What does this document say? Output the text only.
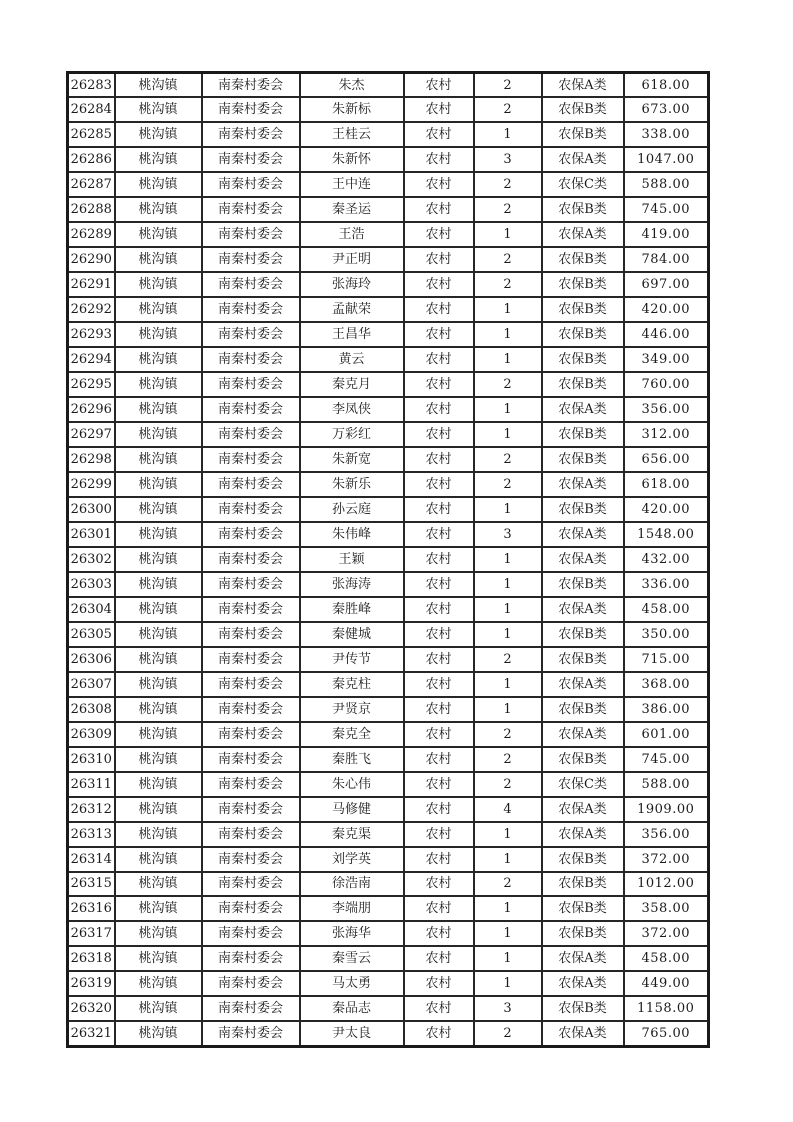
26283	桃沟镇	南秦村委会	朱杰	农村	2	农保A类	618.00
26284	桃沟镇	南秦村委会	朱新标	农村	2	农保B类	673.00
26285	桃沟镇	南秦村委会	王桂云	农村	1	农保B类	338.00
26286	桃沟镇	南秦村委会	朱新怀	农村	3	农保A类	1047.00
26287	桃沟镇	南秦村委会	王中连	农村	2	农保C类	588.00
26288	桃沟镇	南秦村委会	秦圣运	农村	2	农保B类	745.00
26289	桃沟镇	南秦村委会	王浩	农村	1	农保A类	419.00
26290	桃沟镇	南秦村委会	尹正明	农村	2	农保B类	784.00
26291	桃沟镇	南秦村委会	张海玲	农村	2	农保B类	697.00
26292	桃沟镇	南秦村委会	孟献荣	农村	1	农保B类	420.00
26293	桃沟镇	南秦村委会	王昌华	农村	1	农保B类	446.00
26294	桃沟镇	南秦村委会	黄云	农村	1	农保B类	349.00
26295	桃沟镇	南秦村委会	秦克月	农村	2	农保B类	760.00
26296	桃沟镇	南秦村委会	李凤侠	农村	1	农保A类	356.00
26297	桃沟镇	南秦村委会	万彩红	农村	1	农保B类	312.00
26298	桃沟镇	南秦村委会	朱新宽	农村	2	农保B类	656.00
26299	桃沟镇	南秦村委会	朱新乐	农村	2	农保A类	618.00
26300	桃沟镇	南秦村委会	孙云庭	农村	1	农保B类	420.00
26301	桃沟镇	南秦村委会	朱伟峰	农村	3	农保A类	1548.00
26302	桃沟镇	南秦村委会	王颖	农村	1	农保A类	432.00
26303	桃沟镇	南秦村委会	张海涛	农村	1	农保B类	336.00
26304	桃沟镇	南秦村委会	秦胜峰	农村	1	农保A类	458.00
26305	桃沟镇	南秦村委会	秦健城	农村	1	农保B类	350.00
26306	桃沟镇	南秦村委会	尹传节	农村	2	农保B类	715.00
26307	桃沟镇	南秦村委会	秦克柱	农村	1	农保A类	368.00
26308	桃沟镇	南秦村委会	尹贤京	农村	1	农保B类	386.00
26309	桃沟镇	南秦村委会	秦克全	农村	2	农保A类	601.00
26310	桃沟镇	南秦村委会	秦胜飞	农村	2	农保B类	745.00
26311	桃沟镇	南秦村委会	朱心伟	农村	2	农保C类	588.00
26312	桃沟镇	南秦村委会	马修健	农村	4	农保A类	1909.00
26313	桃沟镇	南秦村委会	秦克渠	农村	1	农保A类	356.00
26314	桃沟镇	南秦村委会	刘学英	农村	1	农保B类	372.00
26315	桃沟镇	南秦村委会	徐浩南	农村	2	农保B类	1012.00
26316	桃沟镇	南秦村委会	李端朋	农村	1	农保B类	358.00
26317	桃沟镇	南秦村委会	张海华	农村	1	农保B类	372.00
26318	桃沟镇	南秦村委会	秦雪云	农村	1	农保A类	458.00
26319	桃沟镇	南秦村委会	马太勇	农村	1	农保A类	449.00
26320	桃沟镇	南秦村委会	秦品志	农村	3	农保B类	1158.00
26321	桃沟镇	南秦村委会	尹太良	农村	2	农保A类	765.00
